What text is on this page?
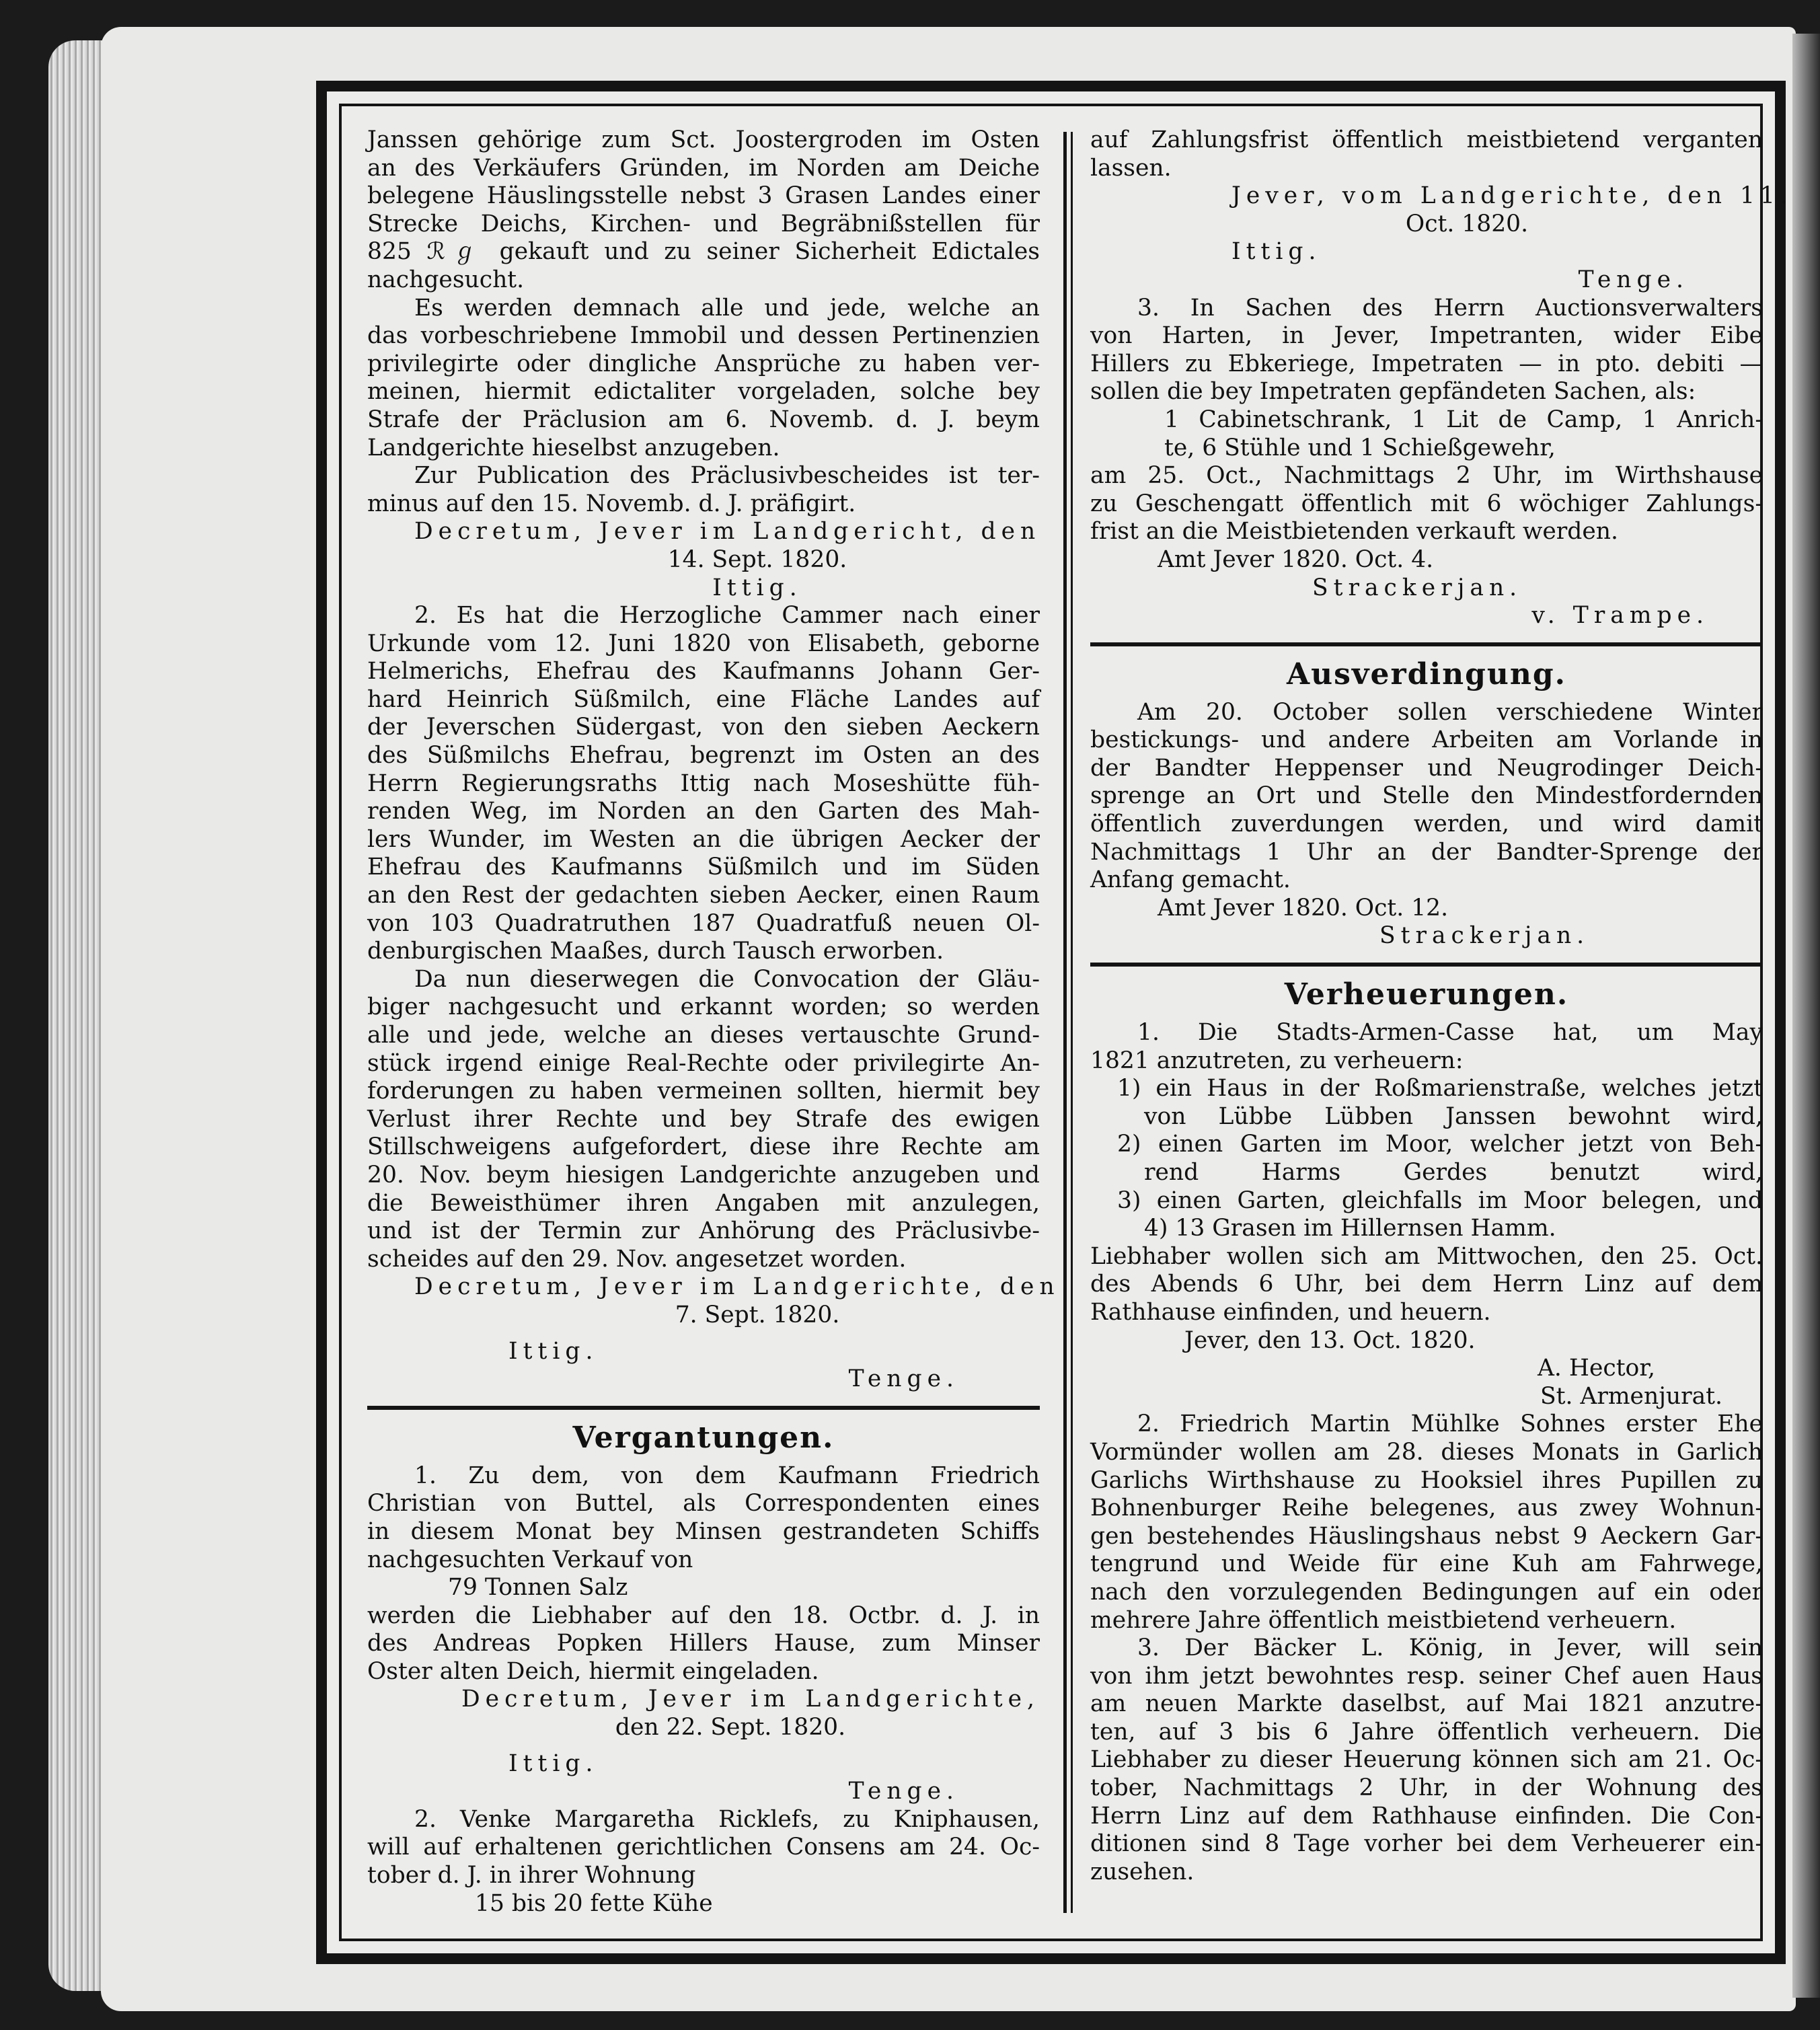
Janssen gehörige zum Sct. Joostergroden im Osten

an des Verkäufers Gründen, im Norden am Deiche

belegene Häuslingsstelle nebst 3 Grasen Landes einer

Strecke Deichs, Kirchen- und Begräbnißstellen für

825 ℛℊ gekauft und zu seiner Sicherheit Edictales

nachgesucht.

Es werden demnach alle und jede, welche an

das vorbeschriebene Immobil und dessen Pertinenzien

privilegirte oder dingliche Ansprüche zu haben ver-

meinen, hiermit edictaliter vorgeladen, solche bey

Strafe der Präclusion am 6. Novemb. d. J. beym

Landgerichte hieselbst anzugeben.

Zur Publication des Präclusivbescheides ist ter-

minus auf den 15. Novemb. d. J. präfigirt.

Decretum, Jever im Landgericht, den

14. Sept. 1820.

Ittig.

2. Es hat die Herzogliche Cammer nach einer

Urkunde vom 12. Juni 1820 von Elisabeth, geborne

Helmerichs, Ehefrau des Kaufmanns Johann Ger-

hard Heinrich Süßmilch, eine Fläche Landes auf

der Jeverschen Südergast, von den sieben Aeckern

des Süßmilchs Ehefrau, begrenzt im Osten an des

Herrn Regierungsraths Ittig nach Moseshütte füh-

renden Weg, im Norden an den Garten des Mah-

lers Wunder, im Westen an die übrigen Aecker der

Ehefrau des Kaufmanns Süßmilch und im Süden

an den Rest der gedachten sieben Aecker, einen Raum

von 103 Quadratruthen 187 Quadratfuß neuen Ol-

denburgischen Maaßes, durch Tausch erworben.

Da nun dieserwegen die Convocation der Gläu-

biger nachgesucht und erkannt worden; so werden

alle und jede, welche an dieses vertauschte Grund-

stück irgend einige Real-Rechte oder privilegirte An-

forderungen zu haben vermeinen sollten, hiermit bey

Verlust ihrer Rechte und bey Strafe des ewigen

Stillschweigens aufgefordert, diese ihre Rechte am

20. Nov. beym hiesigen Landgerichte anzugeben und

die Beweisthümer ihren Angaben mit anzulegen,

und ist der Termin zur Anhörung des Präclusivbe-

scheides auf den 29. Nov. angesetzet worden.

Decretum, Jever im Landgerichte, den

7. Sept. 1820.

Ittig.

Tenge.

Vergantungen.

1. Zu dem, von dem Kaufmann Friedrich

Christian von Buttel, als Correspondenten eines

in diesem Monat bey Minsen gestrandeten Schiffs

nachgesuchten Verkauf von

79 Tonnen Salz

werden die Liebhaber auf den 18. Octbr. d. J. in

des Andreas Popken Hillers Hause, zum Minser

Oster alten Deich, hiermit eingeladen.

Decretum, Jever im Landgerichte,

den 22. Sept. 1820.

Ittig.

Tenge.

2. Venke Margaretha Ricklefs, zu Kniphausen,

will auf erhaltenen gerichtlichen Consens am 24. Oc-

tober d. J. in ihrer Wohnung

15 bis 20 fette Kühe

auf Zahlungsfrist öffentlich meistbietend verganten

lassen.

Jever, vom Landgerichte, den 11.

Oct. 1820.

Ittig.

Tenge.

3. In Sachen des Herrn Auctionsverwalters

von Harten, in Jever, Impetranten, wider Eibe

Hillers zu Ebkeriege, Impetraten — in pto. debiti —

sollen die bey Impetraten gepfändeten Sachen, als:

1 Cabinetschrank, 1 Lit de Camp, 1 Anrich-

te, 6 Stühle und 1 Schießgewehr,

am 25. Oct., Nachmittags 2 Uhr, im Wirthshause

zu Geschengatt öffentlich mit 6 wöchiger Zahlungs-

frist an die Meistbietenden verkauft werden.

Amt Jever 1820. Oct. 4.

Strackerjan.

v. Trampe.

Ausverdingung.

Am 20. October sollen verschiedene Winter

bestickungs- und andere Arbeiten am Vorlande in

der Bandter Heppenser und Neugrodinger Deich-

sprenge an Ort und Stelle den Mindestfordernden

öffentlich zuverdungen werden, und wird damit

Nachmittags 1 Uhr an der Bandter-Sprenge der

Anfang gemacht.

Amt Jever 1820. Oct. 12.

Strackerjan.

Verheuerungen.

1. Die Stadts-Armen-Casse hat, um May

1821 anzutreten, zu verheuern:

1) ein Haus in der Roßmarienstraße, welches jetzt

von Lübbe Lübben Janssen bewohnt wird,

2) einen Garten im Moor, welcher jetzt von Beh-

rend Harms Gerdes benutzt wird,

3) einen Garten, gleichfalls im Moor belegen, und

4) 13 Grasen im Hillernsen Hamm.

Liebhaber wollen sich am Mittwochen, den 25. Oct.

des Abends 6 Uhr, bei dem Herrn Linz auf dem

Rathhause einfinden, und heuern.

Jever, den 13. Oct. 1820.

A. Hector,

St. Armenjurat.

2. Friedrich Martin Mühlke Sohnes erster Ehe

Vormünder wollen am 28. dieses Monats in Garlich

Garlichs Wirthshause zu Hooksiel ihres Pupillen zu

Bohnenburger Reihe belegenes, aus zwey Wohnun-

gen bestehendes Häuslingshaus nebst 9 Aeckern Gar-

tengrund und Weide für eine Kuh am Fahrwege,

nach den vorzulegenden Bedingungen auf ein oder

mehrere Jahre öffentlich meistbietend verheuern.

3. Der Bäcker L. König, in Jever, will sein

von ihm jetzt bewohntes resp. seiner Chef auen Haus

am neuen Markte daselbst, auf Mai 1821 anzutre-

ten, auf 3 bis 6 Jahre öffentlich verheuern. Die

Liebhaber zu dieser Heuerung können sich am 21. Oc-

tober, Nachmittags 2 Uhr, in der Wohnung des

Herrn Linz auf dem Rathhause einfinden. Die Con-

ditionen sind 8 Tage vorher bei dem Verheuerer ein-

zusehen.
